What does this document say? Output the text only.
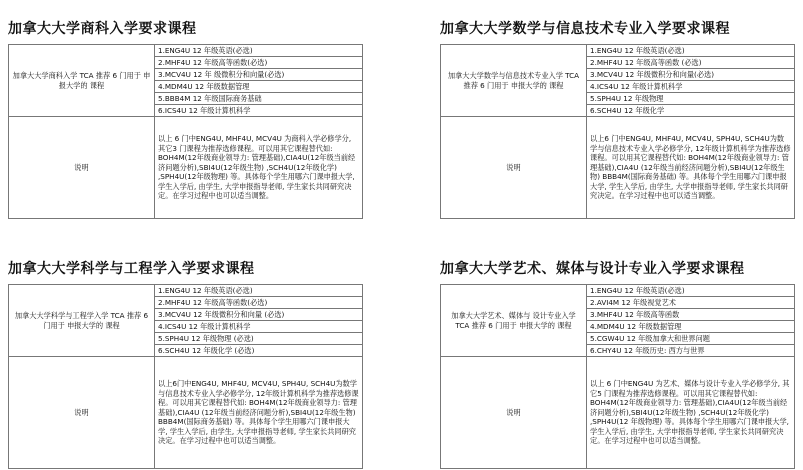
加拿大大学商科入学要求课程
加拿大大学商科入学 TCA 推荐 6 门用于 申报大学的 课程	1.ENG4U 12 年级英语(必选)
	2.MHF4U 12 年级高等函数(必选)
	3.MCV4U 12 年 级微积分和向量(必选)
	4.MDM4U 12 年级数据管理
	5.BBB4M 12 年级国际商务基础
	6.ICS4U 12 年级计算机科学
说明	以上 6 门中ENG4U, MHF4U, MCV4U 为商科入学必修学分, 其它3 门课程为推荐选修课程。可以用其它课程替代如: BOH4M(12年级商业领导力: 管理基础),CIA4U(12年级当前经济问题分析),SBI4U(12年级生物) ,SCH4U(12年级化学) ,SPH4U(12年级物理) 等。具体每个学生用哪六门课申报大学, 学生入学后, 由学生, 大学申报指导老师, 学生家长共同研究决定。在学习过程中也可以适当调整。
加拿大大学数学与信息技术专业入学要求课程
加拿大大学数学与信息技术专业入学 TCA 推荐 6 门用于 申报大学的 课程	1.ENG4U 12 年级英语(必选)
	2.MHF4U 12 年级高等函数 (必选)
	3.MCV4U 12 年级微积分和向量(必选)
	4.ICS4U 12 年级计算机科学
	5.SPH4U 12 年级物理
	6.SCH4U 12 年级化学
说明	以上6 门中ENG4U, MHF4U, MCV4U, SPH4U, SCH4U为数学与信息技术专业入学必修学分, 12年级计算机科学为推荐选修课程。可以用其它课程替代如: BOH4M(12年级商业领导力: 管理基础),CIA4U (12年级当前经济问题分析),SBI4U(12年级生物) BBB4M(国际商务基础) 等。具体每个学生用哪六门课申报大学, 学生入学后, 由学生, 大学申报指导老师, 学生家长共同研究决定。在学习过程中也可以适当调整。
加拿大大学科学与工程学入学要求课程
加拿大大学科学与工程学入学 TCA 推荐 6 门用于 申报大学的 课程	1.ENG4U 12 年级英语(必选)
	2.MHF4U 12 年级高等函数(必选)
	3.MCV4U 12 年级微积分和向量 (必选)
	4.ICS4U 12 年级计算机科学
	5.SPH4U 12 年级物理 (必选)
	6.SCH4U 12 年级化学 (必选)
说明	以上6门中ENG4U, MHF4U, MCV4U, SPH4U, SCH4U为数学与信息技术专业入学必修学分, 12年级计算机科学为推荐选修课程。可以用其它课程替代如: BOH4M(12年级商业领导力: 管理基础),CIA4U (12年级当前经济问题分析),SBI4U(12年级生物) BBB4M(国际商务基础) 等。具体每个学生用哪六门课申报大学, 学生入学后, 由学生, 大学申报指导老师, 学生家长共同研究决定。在学习过程中也可以适当调整。
加拿大大学艺术、媒体与设计专业入学要求课程
加拿大大学艺术、媒体与 设计专业入学 TCA 推荐 6 门用于 申报大学的 课程	1.ENG4U 12 年级英语(必选)
	2.AVI4M 12 年级视觉艺术
	3.MHF4U 12 年级高等函数
	4.MDM4U 12 年级数据管理
	5.CGW4U 12 年级加拿大和世界问题
	6.CHY4U 12 年级历史: 西方与世界
说明	以上 6 门中ENG4U 为艺术、媒体与设计专业入学必修学分, 其它5 门课程为推荐选修课程。可以用其它课程替代如: BOH4M(12年级商业领导力: 管理基础),CIA4U(12年级当前经济问题分析),SBI4U(12年级生物) ,SCH4U(12年级化学) ,SPH4U(12 年级物理) 等。具体每个学生用哪六门课申报大学, 学生入学后, 由学生, 大学申报指导老师, 学生家长共同研究决定。在学习过程中也可以适当调整。
